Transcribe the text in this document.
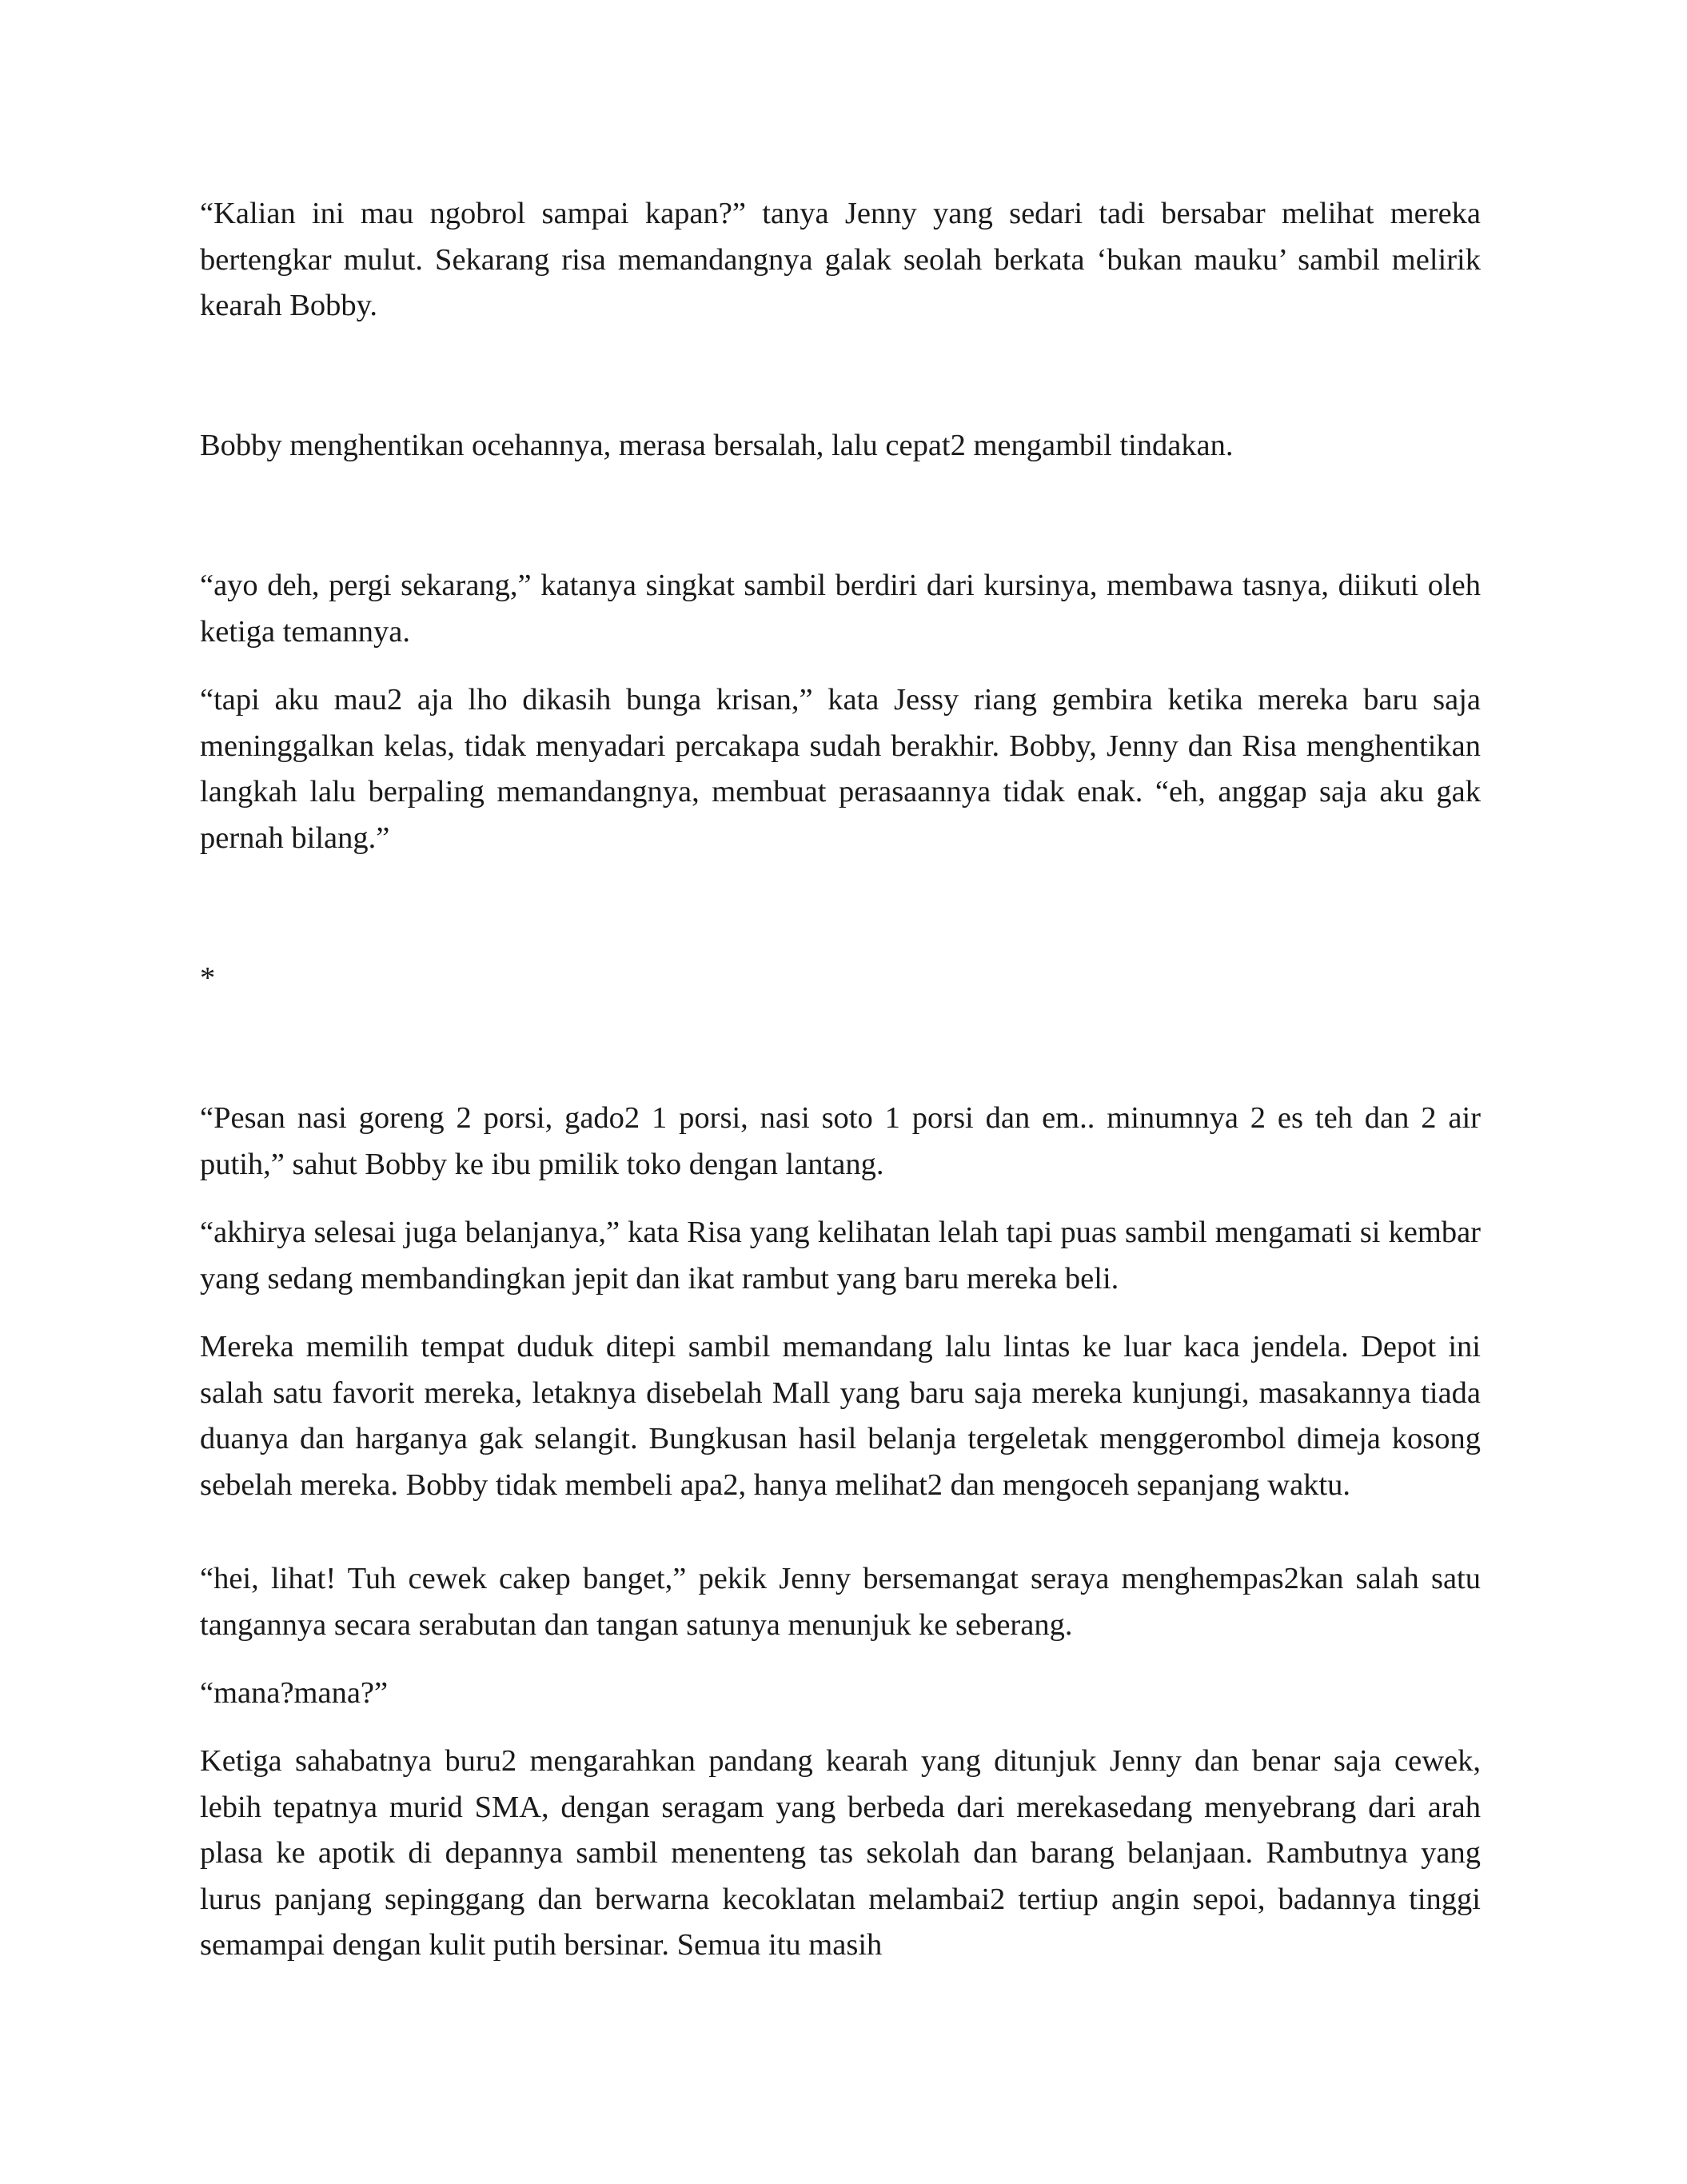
“Kalian ini mau ngobrol sampai kapan?” tanya Jenny yang sedari tadi bersabar melihat mereka bertengkar mulut. Sekarang risa memandangnya galak seolah berkata ‘bukan mauku’ sambil melirik kearah Bobby.

Bobby menghentikan ocehannya, merasa bersalah, lalu cepat2 mengambil tindakan.

“ayo deh, pergi sekarang,” katanya singkat sambil berdiri dari kursinya, membawa tasnya, diikuti oleh ketiga temannya.

“tapi aku mau2 aja lho dikasih bunga krisan,” kata Jessy riang gembira ketika mereka baru saja meninggalkan kelas, tidak menyadari percakapa sudah berakhir. Bobby, Jenny dan Risa menghentikan langkah lalu berpaling memandangnya, membuat perasaannya tidak enak. “eh, anggap saja aku gak pernah bilang.”

*

“Pesan nasi goreng 2 porsi, gado2 1 porsi, nasi soto 1 porsi dan em.. minumnya 2 es teh dan 2 air putih,” sahut Bobby ke ibu pmilik toko dengan lantang.

“akhirya selesai juga belanjanya,” kata Risa yang kelihatan lelah tapi puas sambil mengamati si kembar yang sedang membandingkan jepit dan ikat rambut yang baru mereka beli.

Mereka memilih tempat duduk ditepi sambil memandang lalu lintas ke luar kaca jendela. Depot ini salah satu favorit mereka, letaknya disebelah Mall yang baru saja mereka kunjungi, masakannya tiada duanya dan harganya gak selangit. Bungkusan hasil belanja tergeletak menggerombol dimeja kosong sebelah mereka. Bobby tidak membeli apa2, hanya melihat2 dan mengoceh sepanjang waktu.

“hei, lihat! Tuh cewek cakep banget,” pekik Jenny bersemangat seraya menghempas2kan salah satu tangannya secara serabutan dan tangan satunya menunjuk ke seberang.

“mana?mana?”

Ketiga sahabatnya buru2 mengarahkan pandang kearah yang ditunjuk Jenny dan benar saja cewek, lebih tepatnya murid SMA, dengan seragam yang berbeda dari merekasedang menyebrang dari arah plasa ke apotik di depannya sambil menenteng tas sekolah dan barang belanjaan. Rambutnya yang lurus panjang sepinggang dan berwarna kecoklatan melambai2 tertiup angin sepoi, badannya tinggi semampai dengan kulit putih bersinar. Semua itu masih
